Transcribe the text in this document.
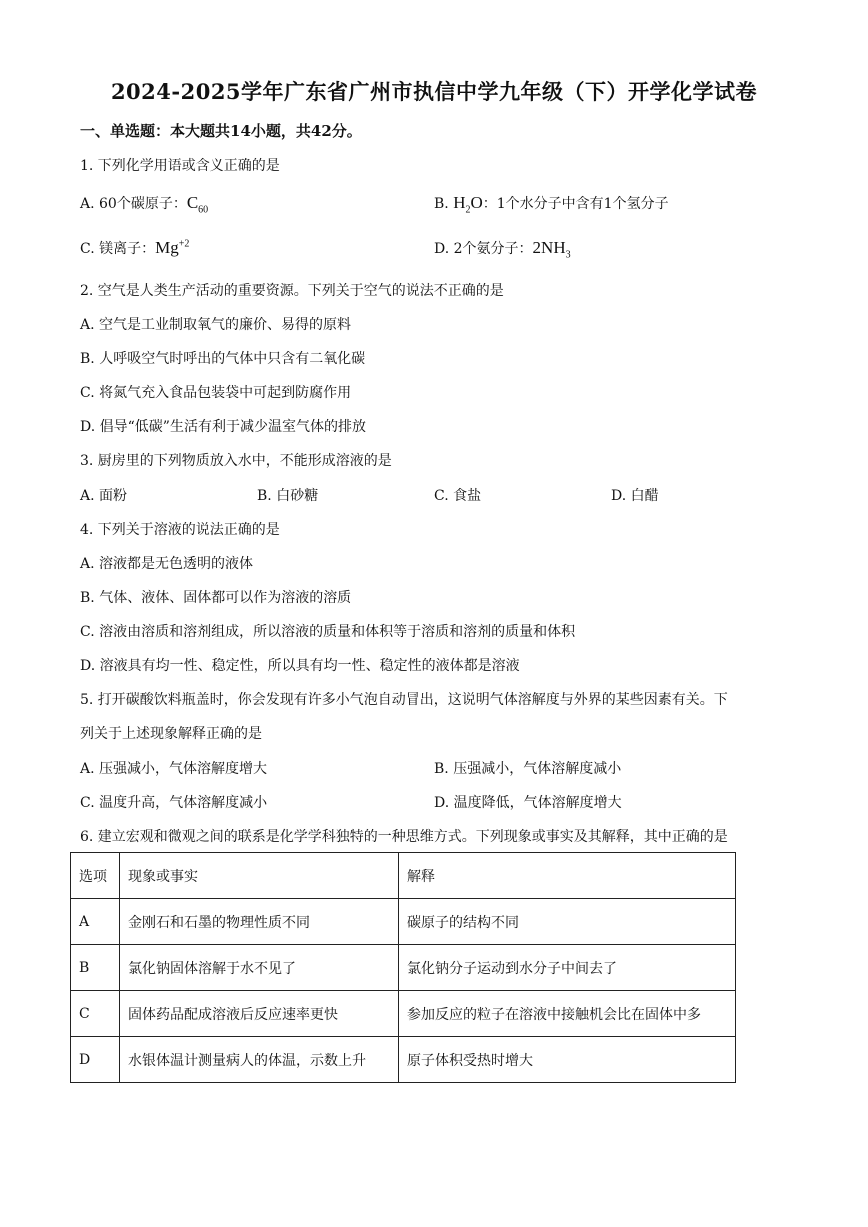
2024-2025学年广东省广州市执信中学九年级（下）开学化学试卷
一、单选题：本大题共14小题，共42分。
1. 下列化学用语或含义正确的是
A. 60个碳原子：$C_{60}$	B. $H_2O$：1个水分子中含有1个氢分子
C. 镁离子：$Mg^{+2}$	D. 2个氨分子：$2NH_3$
2. 空气是人类生产活动的重要资源。下列关于空气的说法不正确的是
A. 空气是工业制取氧气的廉价、易得的原料
B. 人呼吸空气时呼出的气体中只含有二氧化碳
C. 将氮气充入食品包装袋中可起到防腐作用
D. 倡导“低碳”生活有利于减少温室气体的排放
3. 厨房里的下列物质放入水中，不能形成溶液的是
A. 面粉	B. 白砂糖	C. 食盐	D. 白醋
4. 下列关于溶液的说法正确的是
A. 溶液都是无色透明的液体
B. 气体、液体、固体都可以作为溶液的溶质
C. 溶液由溶质和溶剂组成，所以溶液的质量和体积等于溶质和溶剂的质量和体积
D. 溶液具有均一性、稳定性，所以具有均一性、稳定性的液体都是溶液
5. 打开碳酸饮料瓶盖时，你会发现有许多小气泡自动冒出，这说明气体溶解度与外界的某些因素有关。下
列关于上述现象解释正确的是
A. 压强减小，气体溶解度增大	B. 压强减小，气体溶解度减小
C. 温度升高，气体溶解度减小	D. 温度降低，气体溶解度增大
6. 建立宏观和微观之间的联系是化学学科独特的一种思维方式。下列现象或事实及其解释，其中正确的是
选项	现象或事实	解释
A	金刚石和石墨的物理性质不同	碳原子的结构不同
B	氯化钠固体溶解于水不见了	氯化钠分子运动到水分子中间去了
C	固体药品配成溶液后反应速率更快	参加反应的粒子在溶液中接触机会比在固体中多
D	水银体温计测量病人的体温，示数上升	原子体积受热时增大
